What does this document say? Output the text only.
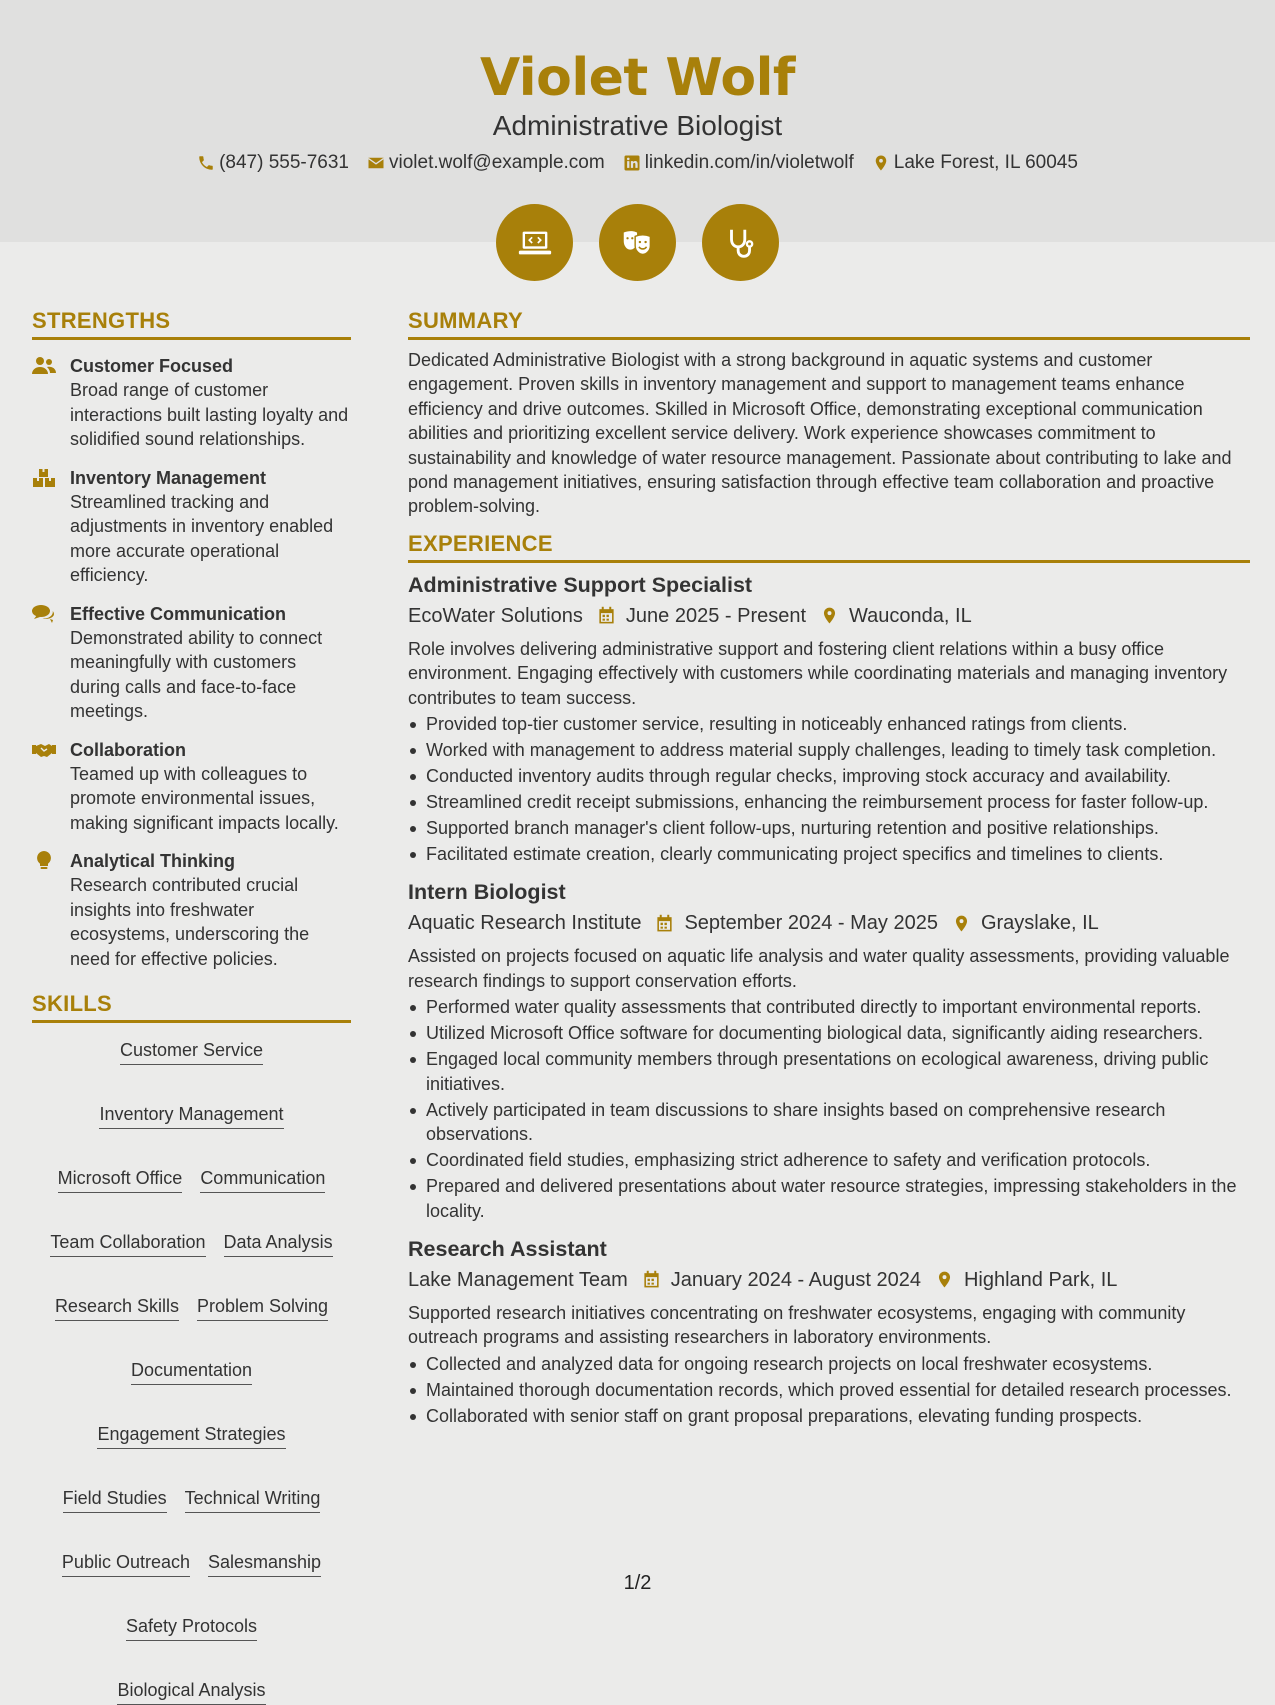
Violet Wolf
Administrative Biologist
(847) 555-7631 violet.wolf@example.com linkedin.com/in/violetwolf Lake Forest, IL 60045
STRENGTHS
Customer Focused
Broad range of customer interactions built lasting loyalty and solidified sound relationships.
Inventory Management
Streamlined tracking and adjustments in inventory enabled more accurate operational efficiency.
Effective Communication
Demonstrated ability to connect meaningfully with customers during calls and face-to-face meetings.
Collaboration
Teamed up with colleagues to promote environmental issues, making significant impacts locally.
Analytical Thinking
Research contributed crucial insights into freshwater ecosystems, underscoring the need for effective policies.
SKILLS
Customer Service
Inventory Management
Microsoft Office Communication
Team Collaboration Data Analysis
Research Skills Problem Solving
Documentation
Engagement Strategies
Field Studies Technical Writing
Public Outreach Salesmanship
Safety Protocols
Biological Analysis
SUMMARY
Dedicated Administrative Biologist with a strong background in aquatic systems and customer engagement. Proven skills in inventory management and support to management teams enhance efficiency and drive outcomes. Skilled in Microsoft Office, demonstrating exceptional communication abilities and prioritizing excellent service delivery. Work experience showcases commitment to sustainability and knowledge of water resource management. Passionate about contributing to lake and pond management initiatives, ensuring satisfaction through effective team collaboration and proactive problem-solving.
EXPERIENCE
Administrative Support Specialist
EcoWater Solutions June 2025 - Present Wauconda, IL
Role involves delivering administrative support and fostering client relations within a busy office environment. Engaging effectively with customers while coordinating materials and managing inventory contributes to team success.
Provided top-tier customer service, resulting in noticeably enhanced ratings from clients.
Worked with management to address material supply challenges, leading to timely task completion.
Conducted inventory audits through regular checks, improving stock accuracy and availability.
Streamlined credit receipt submissions, enhancing the reimbursement process for faster follow-up.
Supported branch manager's client follow-ups, nurturing retention and positive relationships.
Facilitated estimate creation, clearly communicating project specifics and timelines to clients.
Intern Biologist
Aquatic Research Institute September 2024 - May 2025 Grayslake, IL
Assisted on projects focused on aquatic life analysis and water quality assessments, providing valuable research findings to support conservation efforts.
Performed water quality assessments that contributed directly to important environmental reports.
Utilized Microsoft Office software for documenting biological data, significantly aiding researchers.
Engaged local community members through presentations on ecological awareness, driving public initiatives.
Actively participated in team discussions to share insights based on comprehensive research observations.
Coordinated field studies, emphasizing strict adherence to safety and verification protocols.
Prepared and delivered presentations about water resource strategies, impressing stakeholders in the locality.
Research Assistant
Lake Management Team January 2024 - August 2024 Highland Park, IL
Supported research initiatives concentrating on freshwater ecosystems, engaging with community outreach programs and assisting researchers in laboratory environments.
Collected and analyzed data for ongoing research projects on local freshwater ecosystems.
Maintained thorough documentation records, which proved essential for detailed research processes.
Collaborated with senior staff on grant proposal preparations, elevating funding prospects.
1/2
